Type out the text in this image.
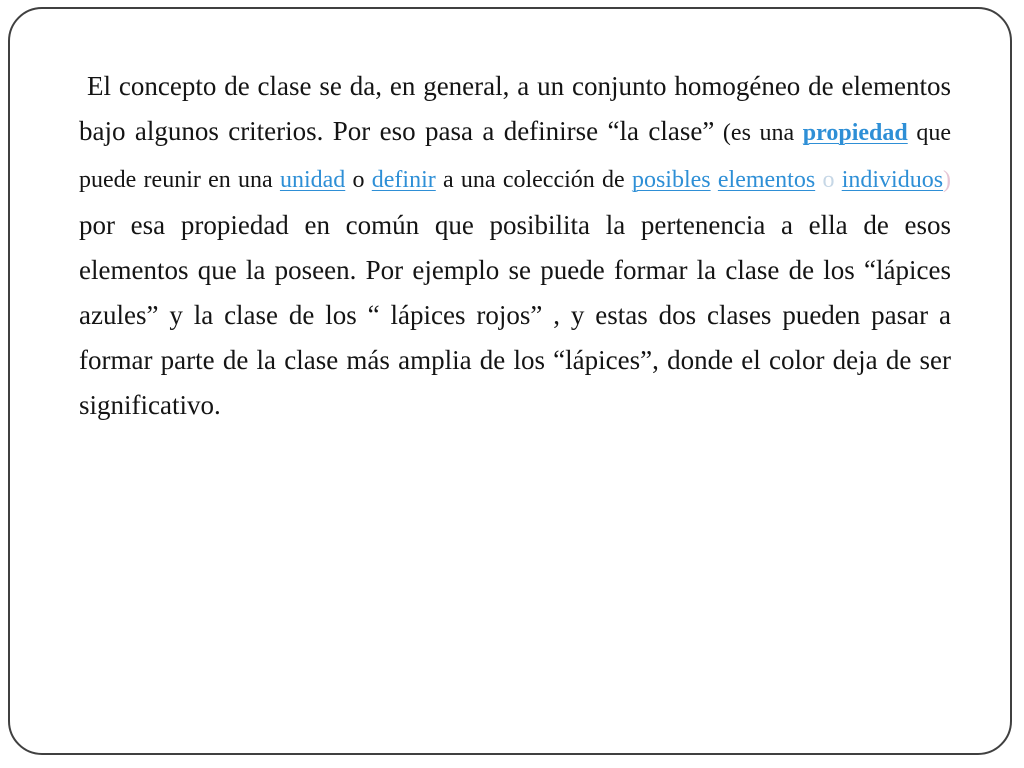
El concepto de clase se da, en general, a un conjunto homogéneo de elementos bajo algunos criterios. Por eso pasa a definirse “la clase” (es una propiedad que puede reunir en una unidad o definir a una colección de posibles elementos o individuos) por esa propiedad en común que posibilita la pertenencia a ella de esos elementos que la poseen. Por ejemplo se puede formar la clase de los “lápices azules” y la clase de los “ lápices rojos” , y estas dos clases pueden pasar a formar parte de la clase más amplia de los “lápices”, donde el color deja de ser significativo.
